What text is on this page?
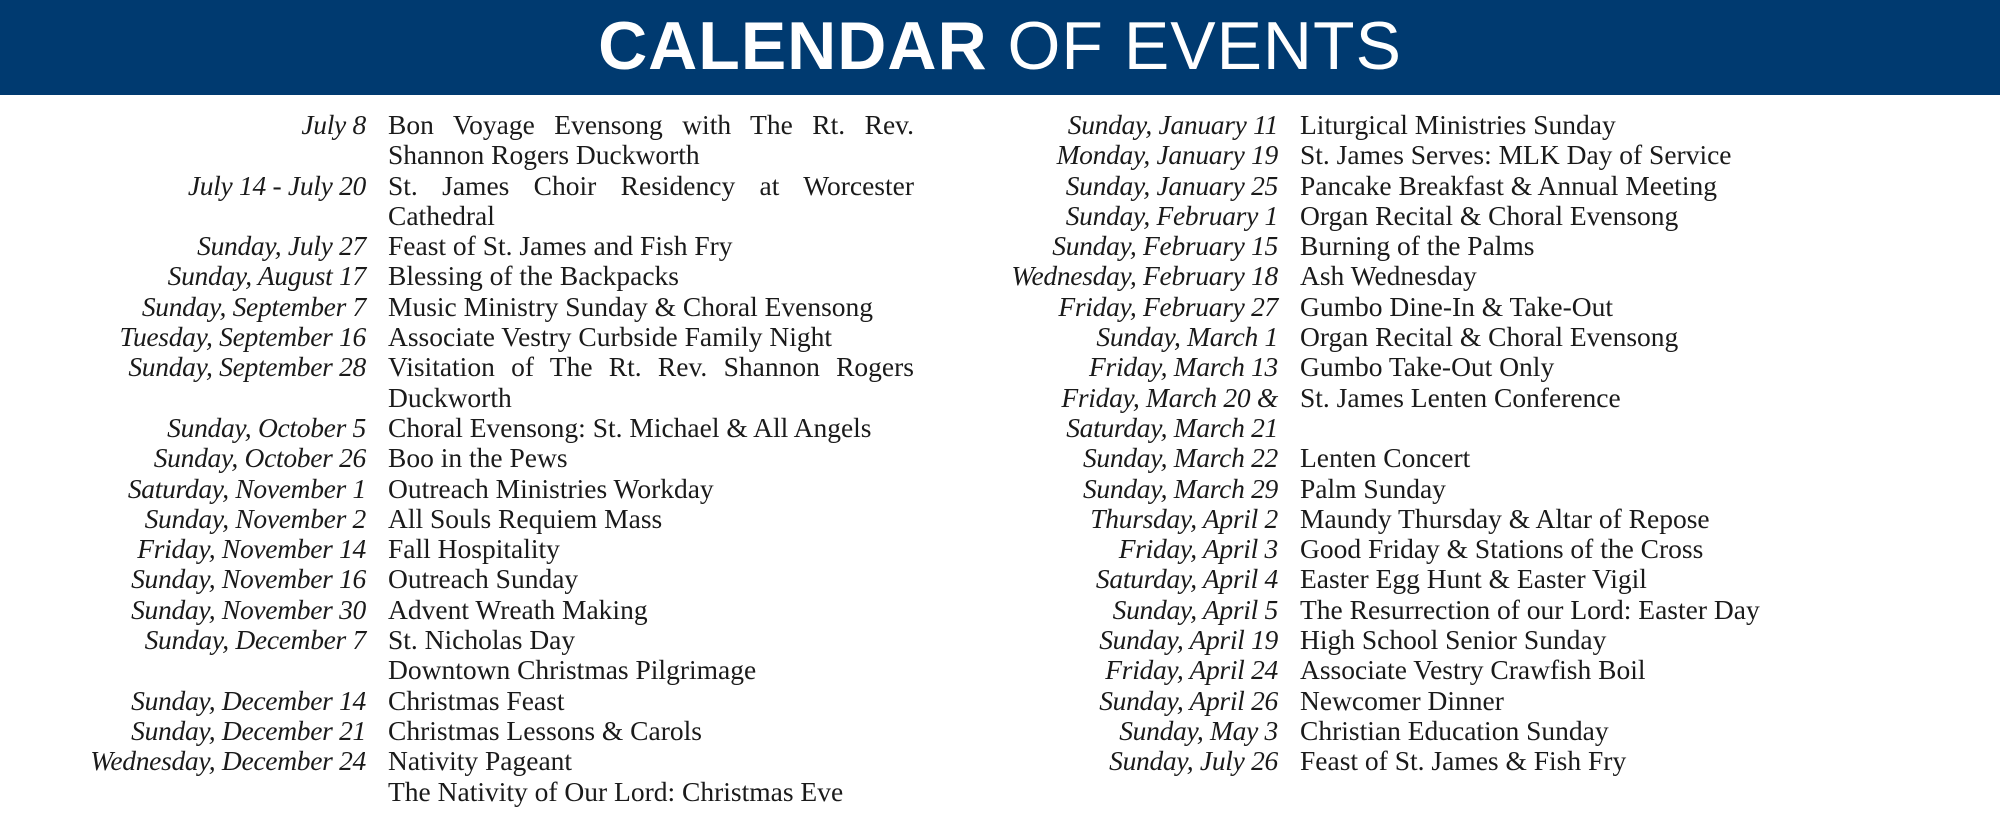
CALENDAR OF EVENTS
July 8 Bon Voyage Evensong with The Rt. Rev. Shannon Rogers Duckworth
July 14 - July 20 St. James Choir Residency at Worcester Cathedral
Sunday, July 27 Feast of St. James and Fish Fry
Sunday, August 17 Blessing of the Backpacks
Sunday, September 7 Music Ministry Sunday & Choral Evensong
Tuesday, September 16 Associate Vestry Curbside Family Night
Sunday, September 28 Visitation of The Rt. Rev. Shannon Rogers Duckworth
Sunday, October 5 Choral Evensong: St. Michael & All Angels
Sunday, October 26 Boo in the Pews
Saturday, November 1 Outreach Ministries Workday
Sunday, November 2 All Souls Requiem Mass
Friday, November 14 Fall Hospitality
Sunday, November 16 Outreach Sunday
Sunday, November 30 Advent Wreath Making
Sunday, December 7 St. Nicholas Day
Downtown Christmas Pilgrimage
Sunday, December 14 Christmas Feast
Sunday, December 21 Christmas Lessons & Carols
Wednesday, December 24 Nativity Pageant
The Nativity of Our Lord: Christmas Eve
Sunday, January 11 Liturgical Ministries Sunday
Monday, January 19 St. James Serves: MLK Day of Service
Sunday, January 25 Pancake Breakfast & Annual Meeting
Sunday, February 1 Organ Recital & Choral Evensong
Sunday, February 15 Burning of the Palms
Wednesday, February 18 Ash Wednesday
Friday, February 27 Gumbo Dine-In & Take-Out
Sunday, March 1 Organ Recital & Choral Evensong
Friday, March 13 Gumbo Take-Out Only
Friday, March 20 &
Saturday, March 21
St. James Lenten Conference
Sunday, March 22 Lenten Concert
Sunday, March 29 Palm Sunday
Thursday, April 2 Maundy Thursday & Altar of Repose
Friday, April 3 Good Friday & Stations of the Cross
Saturday, April 4 Easter Egg Hunt & Easter Vigil
Sunday, April 5 The Resurrection of our Lord: Easter Day
Sunday, April 19 High School Senior Sunday
Friday, April 24 Associate Vestry Crawfish Boil
Sunday, April 26 Newcomer Dinner
Sunday, May 3 Christian Education Sunday
Sunday, July 26 Feast of St. James & Fish Fry
